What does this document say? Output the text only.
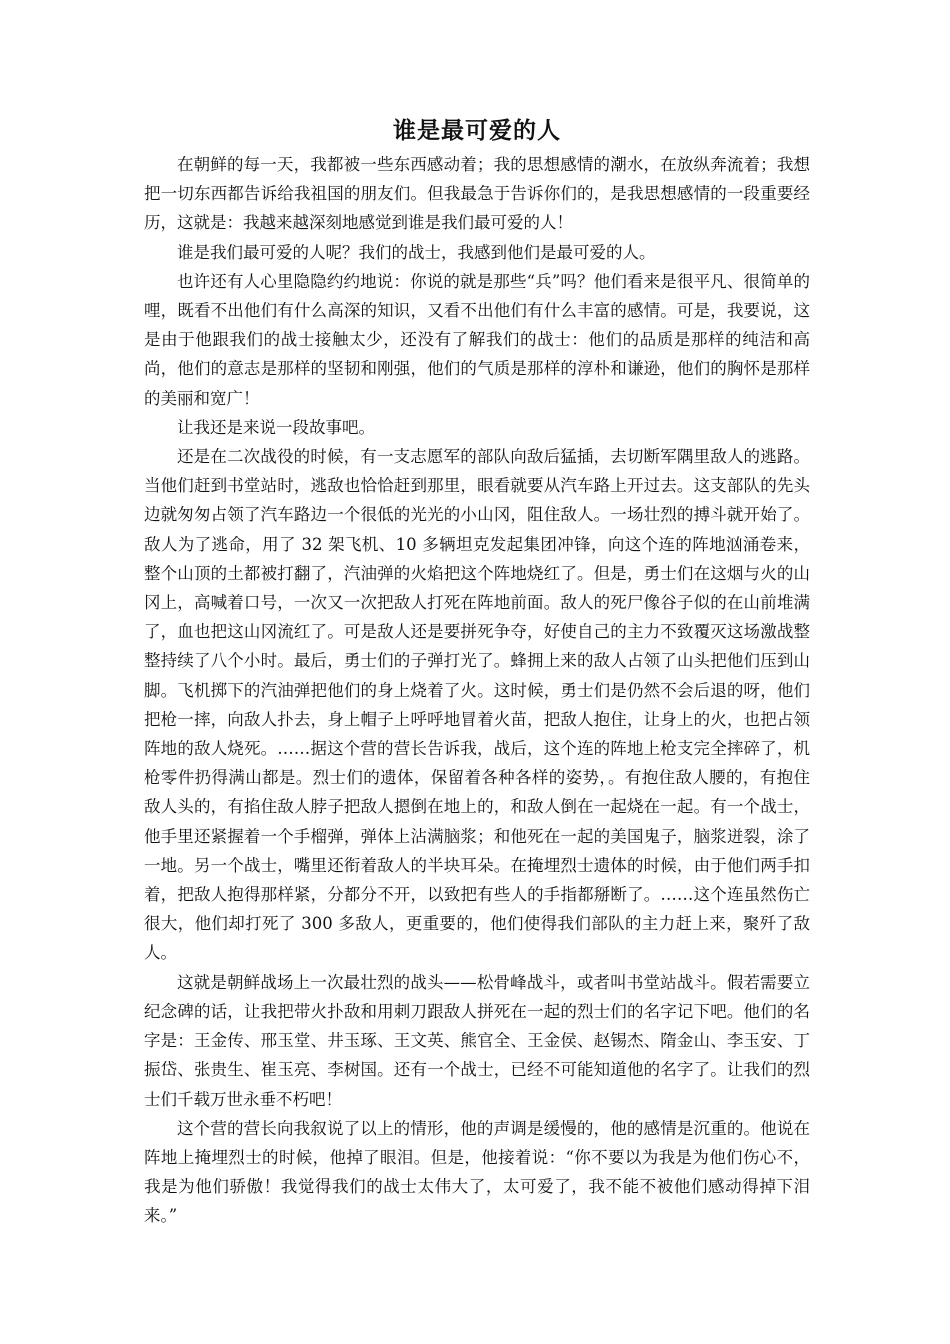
谁是最可爱的人

在朝鲜的每一天，我都被一些东西感动着；我的思想感情的潮水，在放纵奔流着；我想把一切东西都告诉给我祖国的朋友们。但我最急于告诉你们的，是我思想感情的一段重要经历，这就是：我越来越深刻地感觉到谁是我们最可爱的人！

谁是我们最可爱的人呢？我们的战士，我感到他们是最可爱的人。

也许还有人心里隐隐约约地说：你说的就是那些“兵”吗？他们看来是很平凡、很简单的哩，既看不出他们有什么高深的知识，又看不出他们有什么丰富的感情。可是，我要说，这是由于他跟我们的战士接触太少，还没有了解我们的战士：他们的品质是那样的纯洁和高尚，他们的意志是那样的坚韧和刚强，他们的气质是那样的淳朴和谦逊，他们的胸怀是那样的美丽和宽广！

让我还是来说一段故事吧。

还是在二次战役的时候，有一支志愿军的部队向敌后猛插，去切断军隅里敌人的逃路。当他们赶到书堂站时，逃敌也恰恰赶到那里，眼看就要从汽车路上开过去。这支部队的先头边就匆匆占领了汽车路边一个很低的光光的小山冈，阻住敌人。一场壮烈的搏斗就开始了。敌人为了逃命，用了 32 架飞机、10 多辆坦克发起集团冲锋，向这个连的阵地汹涌卷来，整个山顶的土都被打翻了，汽油弹的火焰把这个阵地烧红了。但是，勇士们在这烟与火的山冈上，高喊着口号，一次又一次把敌人打死在阵地前面。敌人的死尸像谷子似的在山前堆满了，血也把这山冈流红了。可是敌人还是要拼死争夺，好使自己的主力不致覆灭这场激战整整持续了八个小时。最后，勇士们的子弹打光了。蜂拥上来的敌人占领了山头把他们压到山脚。飞机掷下的汽油弹把他们的身上烧着了火。这时候，勇士们是仍然不会后退的呀，他们把枪一摔，向敌人扑去，身上帽子上呼呼地冒着火苗，把敌人抱住，让身上的火，也把占领阵地的敌人烧死。……据这个营的营长告诉我，战后，这个连的阵地上枪支完全摔碎了，机枪零件扔得满山都是。烈士们的遗体，保留着各种各样的姿势，。有抱住敌人腰的，有抱住敌人头的，有掐住敌人脖子把敌人摁倒在地上的，和敌人倒在一起烧在一起。有一个战士，他手里还紧握着一个手榴弹，弹体上沾满脑浆；和他死在一起的美国鬼子，脑浆迸裂，涂了一地。另一个战士，嘴里还衔着敌人的半块耳朵。在掩埋烈士遗体的时候，由于他们两手扣着，把敌人抱得那样紧，分都分不开，以致把有些人的手指都掰断了。……这个连虽然伤亡很大，他们却打死了 300 多敌人，更重要的，他们使得我们部队的主力赶上来，聚歼了敌人。

这就是朝鲜战场上一次最壮烈的战头——松骨峰战斗，或者叫书堂站战斗。假若需要立纪念碑的话，让我把带火扑敌和用刺刀跟敌人拼死在一起的烈士们的名字记下吧。他们的名字是：王金传、邢玉堂、井玉琢、王文英、熊官全、王金侯、赵锡杰、隋金山、李玉安、丁振岱、张贵生、崔玉亮、李树国。还有一个战士，已经不可能知道他的名字了。让我们的烈士们千载万世永垂不朽吧！

这个营的营长向我叙说了以上的情形，他的声调是缓慢的，他的感情是沉重的。他说在阵地上掩埋烈士的时候，他掉了眼泪。但是，他接着说：“你不要以为我是为他们伤心不，我是为他们骄傲！我觉得我们的战士太伟大了，太可爱了，我不能不被他们感动得掉下泪来。”
